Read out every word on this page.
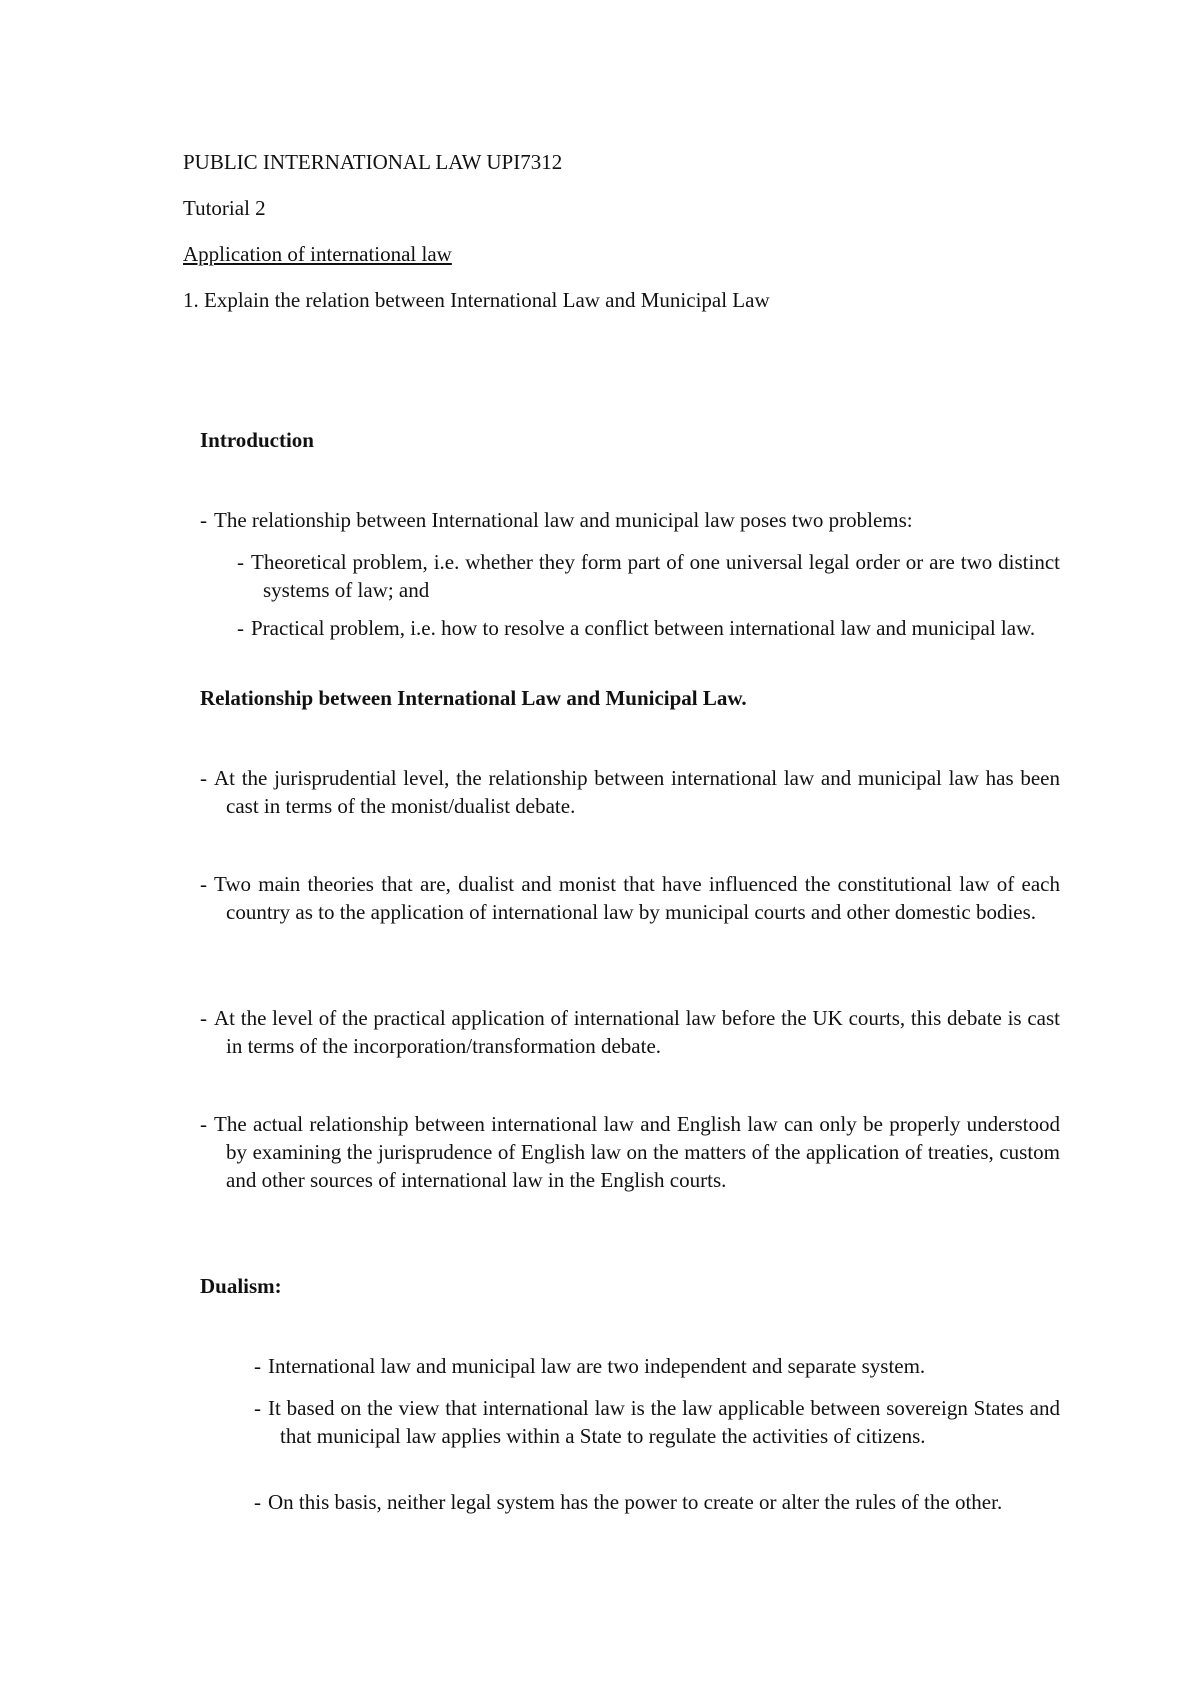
PUBLIC INTERNATIONAL LAW UPI7312
Tutorial 2
Application of international law
1. Explain the relation between International Law and Municipal Law
Introduction
- The relationship between International law and municipal law poses two problems:
- Theoretical problem, i.e. whether they form part of one universal legal order or are two distinct systems of law; and
- Practical problem, i.e. how to resolve a conflict between international law and municipal law.
Relationship between International Law and Municipal Law.
- At the jurisprudential level, the relationship between international law and municipal law has been cast in terms of the monist/dualist debate.
- Two main theories that are, dualist and monist that have influenced the constitutional law of each country as to the application of international law by municipal courts and other domestic bodies.
- At the level of the practical application of international law before the UK courts, this debate is cast in terms of the incorporation/transformation debate.
- The actual relationship between international law and English law can only be properly understood by examining the jurisprudence of English law on the matters of the application of treaties, custom and other sources of international law in the English courts.
Dualism:
- International law and municipal law are two independent and separate system.
- It based on the view that international law is the law applicable between sovereign States and that municipal law applies within a State to regulate the activities of citizens.
- On this basis, neither legal system has the power to create or alter the rules of the other.
